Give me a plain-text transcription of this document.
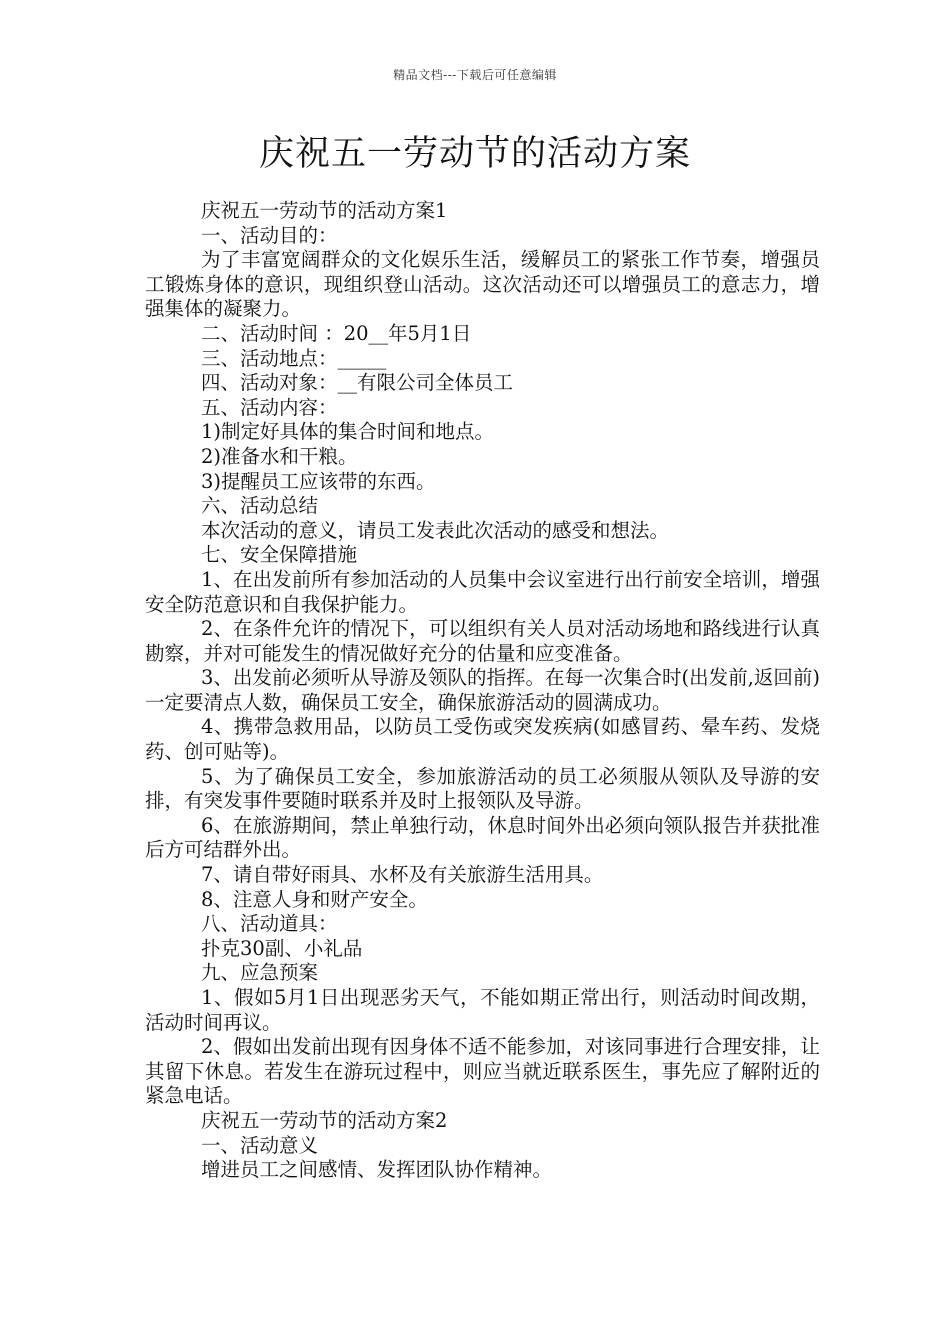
精品文档---下载后可任意编辑
庆祝五一劳动节的活动方案

庆祝五一劳动节的活动方案1

一、活动目的：

为了丰富宽阔群众的文化娱乐生活，缓解员工的紧张工作节奏，增强员工锻炼身体的意识，现组织登山活动。这次活动还可以增强员工的意志力，增强集体的凝聚力。

二、活动时间 ：20__年5月1日

三、活动地点：_____

四、活动对象：__有限公司全体员工

五、活动内容：

1)制定好具体的集合时间和地点。

2)准备水和干粮。

3)提醒员工应该带的东西。

六、活动总结

本次活动的意义，请员工发表此次活动的感受和想法。

七、安全保障措施

1、在出发前所有参加活动的人员集中会议室进行出行前安全培训，增强安全防范意识和自我保护能力。

2、在条件允许的情况下，可以组织有关人员对活动场地和路线进行认真勘察，并对可能发生的情况做好充分的估量和应变准备。

3、出发前必须听从导游及领队的指挥。在每一次集合时(出发前,返回前)一定要清点人数，确保员工安全，确保旅游活动的圆满成功。

4、携带急救用品，以防员工受伤或突发疾病(如感冒药、晕车药、发烧药、创可贴等)。

5、为了确保员工安全，参加旅游活动的员工必须服从领队及导游的安排，有突发事件要随时联系并及时上报领队及导游。

6、在旅游期间，禁止单独行动，休息时间外出必须向领队报告并获批准后方可结群外出。

7、请自带好雨具、水杯及有关旅游生活用具。

8、注意人身和财产安全。

八、活动道具：

扑克30副、小礼品

九、应急预案

1、假如5月1日出现恶劣天气，不能如期正常出行，则活动时间改期，活动时间再议。

2、假如出发前出现有因身体不适不能参加，对该同事进行合理安排，让其留下休息。若发生在游玩过程中，则应当就近联系医生，事先应了解附近的紧急电话。

庆祝五一劳动节的活动方案2

一、活动意义

增进员工之间感情、发挥团队协作精神。
